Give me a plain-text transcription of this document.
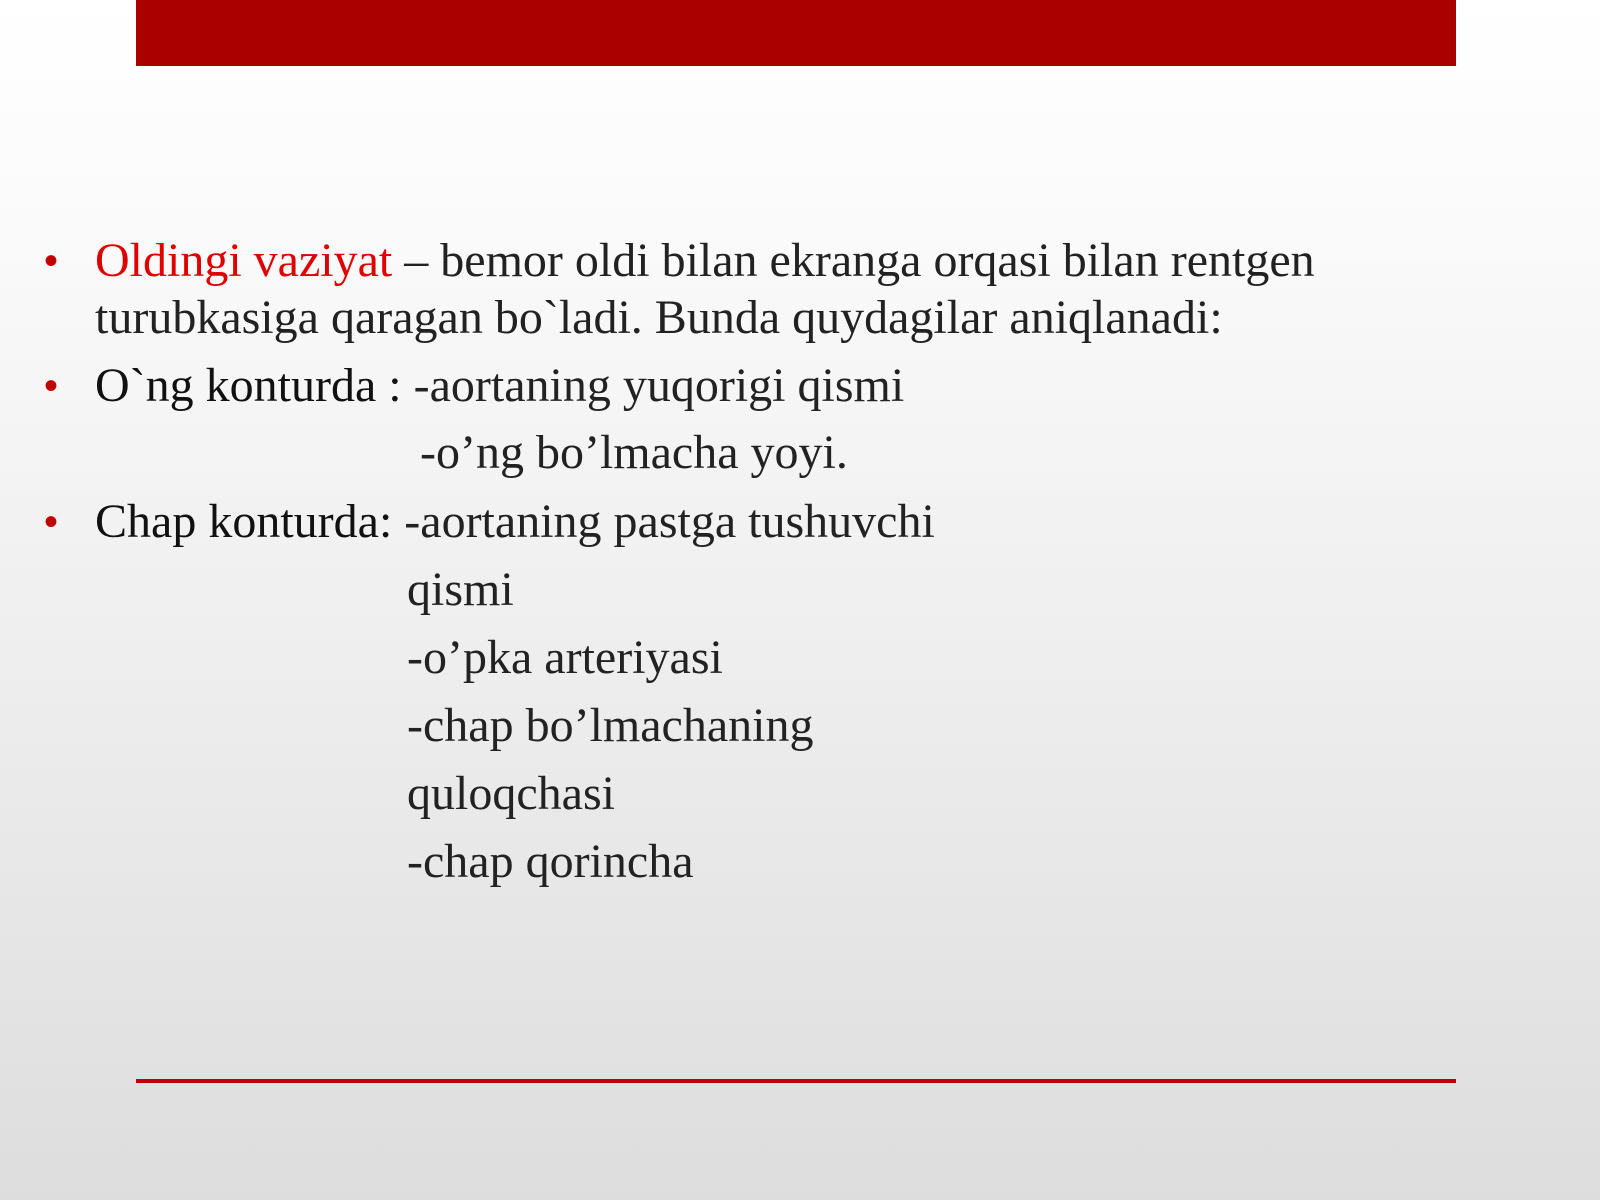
• Oldingi vaziyat – bemor oldi bilan ekranga orqasi bilan rentgen
turubkasiga qaragan bo`ladi. Bunda quydagilar aniqlanadi:
• O`ng konturda : -aortaning yuqorigi qismi
-o’ng bo’lmacha yoyi.
• Chap konturda: -aortaning pastga tushuvchi
qismi
-o’pka arteriyasi
-chap bo’lmachaning
quloqchasi
-chap qorincha
